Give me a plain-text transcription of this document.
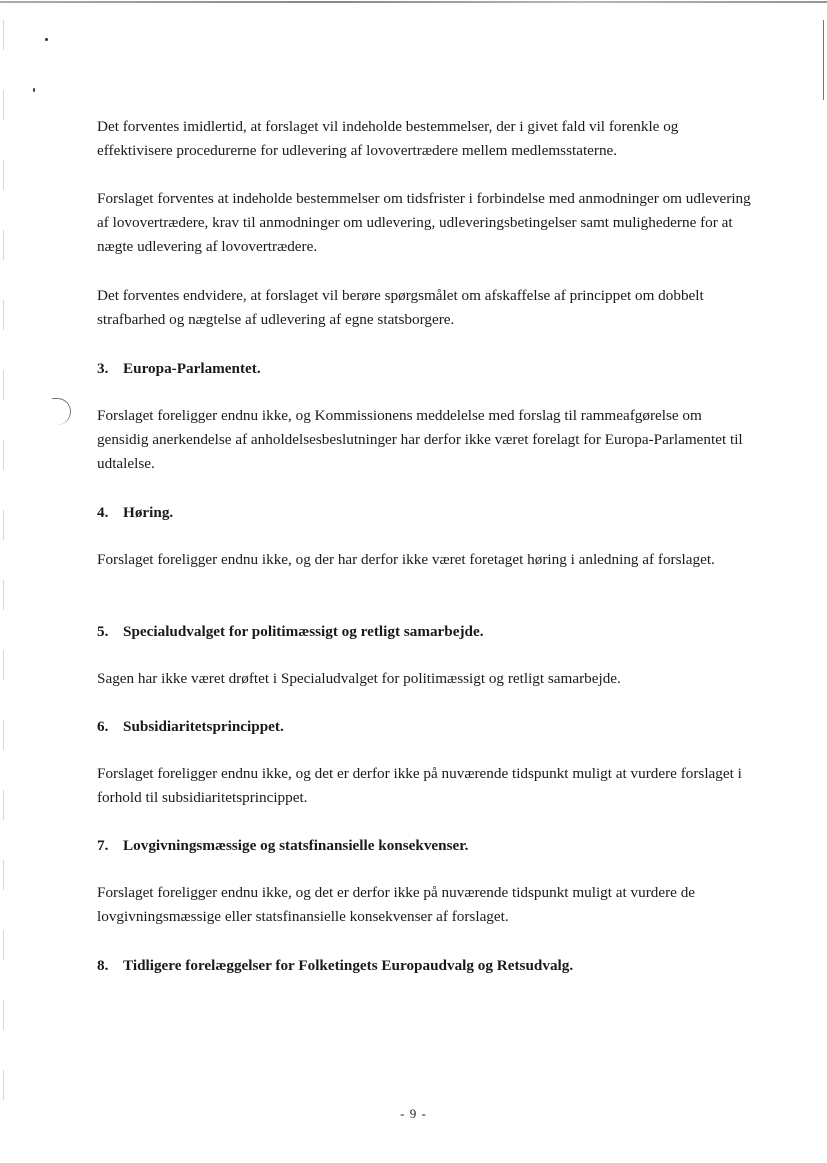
Det forventes imidlertid, at forslaget vil indeholde bestemmelser, der i givet fald vil forenkle og effektivisere procedurerne for udlevering af lovovertrædere mellem medlemsstaterne.

Forslaget forventes at indeholde bestemmelser om tidsfrister i forbindelse med anmodninger om udlevering af lovovertrædere, krav til anmodninger om udlevering, udleveringsbetingelser samt mulighederne for at nægte udlevering af lovovertrædere.

Det forventes endvidere, at forslaget vil berøre spørgsmålet om afskaffelse af princippet om dobbelt strafbarhed og nægtelse af udlevering af egne statsborgere.

3. Europa-Parlamentet.

Forslaget foreligger endnu ikke, og Kommissionens meddelelse med forslag til rammeafgørelse om gensidig anerkendelse af anholdelsesbeslutninger har derfor ikke været forelagt for Europa-Parlamentet til udtalelse.

4. Høring.

Forslaget foreligger endnu ikke, og der har derfor ikke været foretaget høring i anledning af forslaget.

5. Specialudvalget for politimæssigt og retligt samarbejde.

Sagen har ikke været drøftet i Specialudvalget for politimæssigt og retligt samarbejde.

6. Subsidiaritetsprincippet.

Forslaget foreligger endnu ikke, og det er derfor ikke på nuværende tidspunkt muligt at vurdere forslaget i forhold til subsidiaritetsprincippet.

7. Lovgivningsmæssige og statsfinansielle konsekvenser.

Forslaget foreligger endnu ikke, og det er derfor ikke på nuværende tidspunkt muligt at vurdere de lovgivningsmæssige eller statsfinansielle konsekvenser af forslaget.

8. Tidligere forelæggelser for Folketingets Europaudvalg og Retsudvalg.
- 9 -
